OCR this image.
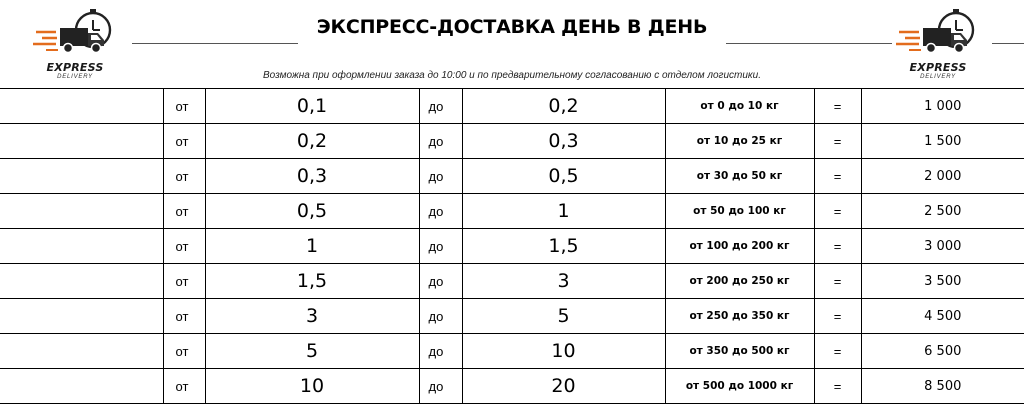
EXPRESS
DELIVERY
ЭКСПРЕСС-ДОСТАВКА ДЕНЬ В ДЕНЬ
EXPRESS
DELIVERY
Возможна при оформлении заказа до 10:00 и по предварительному согласованию с отделом логистики.
	от	0,1	до	0,2	от 0 до 10 кг	=	1 000
	от	0,2	до	0,3	от 10 до 25 кг	=	1 500
	от	0,3	до	0,5	от 30 до 50 кг	=	2 000
	от	0,5	до	1	от 50 до 100 кг	=	2 500
	от	1	до	1,5	от 100 до 200 кг	=	3 000
	от	1,5	до	3	от 200 до 250 кг	=	3 500
	от	3	до	5	от 250 до 350 кг	=	4 500
	от	5	до	10	от 350 до 500 кг	=	6 500
	от	10	до	20	от 500 до 1000 кг	=	8 500
